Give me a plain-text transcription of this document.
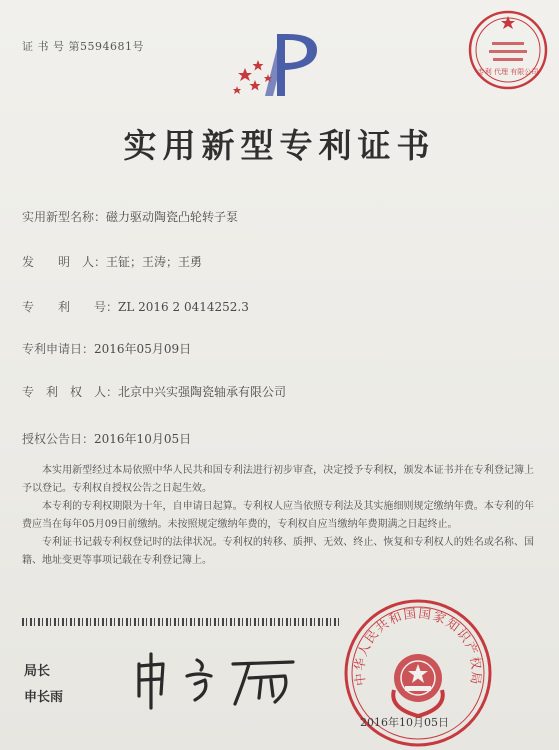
证 书 号 第5594681号
专利 代理 有限公司
实用新型专利证书
实用新型名称：磁力驱动陶瓷凸轮转子泵
发　　明　人：王钲；王涛；王勇
专　　利　　号：ZL 2016 2 0414252.3
专利申请日：2016年05月09日
专　利　权　人：北京中兴实强陶瓷轴承有限公司
授权公告日：2016年10月05日

本实用新型经过本局依照中华人民共和国专利法进行初步审查，决定授予专利权，颁发本证书并在专利登记簿上予以登记。专利权自授权公告之日起生效。

本专利的专利权期限为十年，自申请日起算。专利权人应当依照专利法及其实施细则规定缴纳年费。本专利的年费应当在每年05月09日前缴纳。未按照规定缴纳年费的，专利权自应当缴纳年费期满之日起终止。

专利证书记载专利权登记时的法律状况。专利权的转移、质押、无效、终止、恢复和专利权人的姓名或名称、国籍、地址变更等事项记载在专利登记簿上。

局长
申长雨
中华人民共和国国家知识产权局
2016年10月05日
